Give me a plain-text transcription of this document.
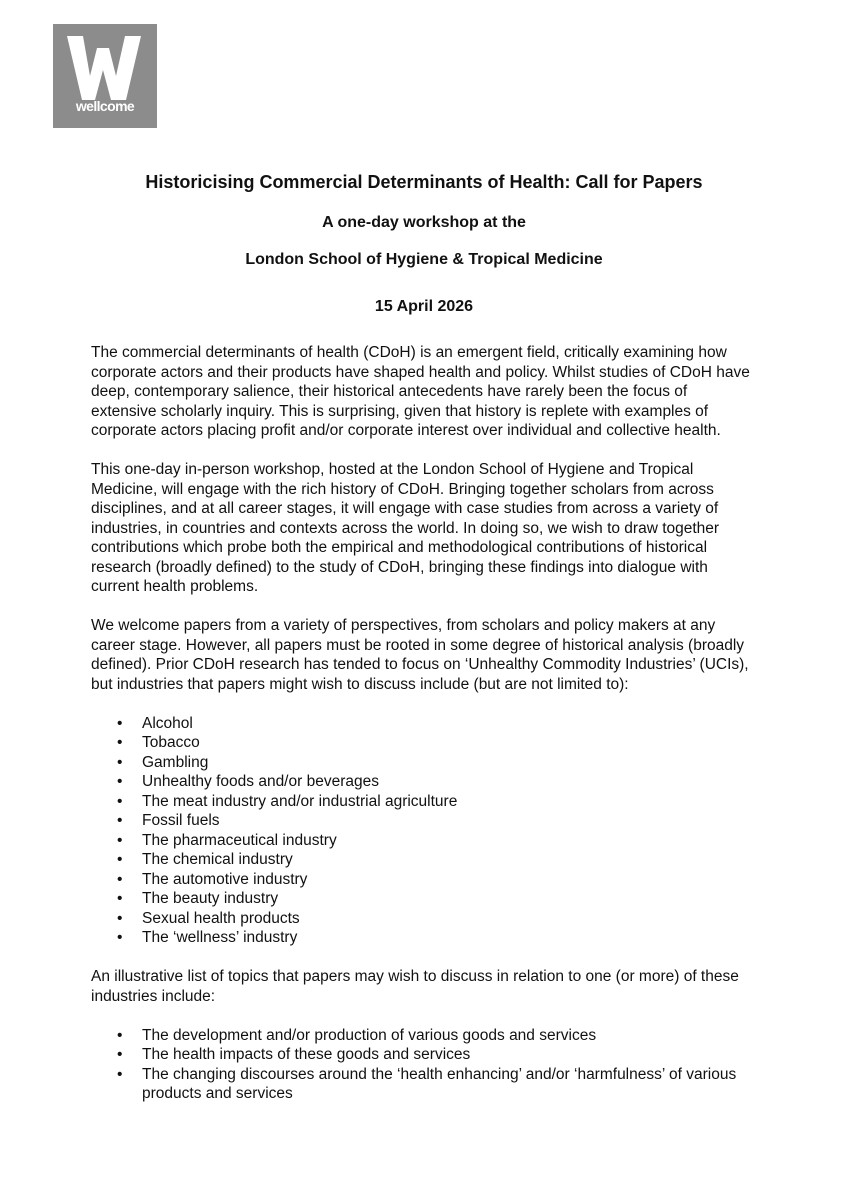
wellcome
Historicising Commercial Determinants of Health: Call for Papers
A one-day workshop at the
London School of Hygiene & Tropical Medicine
15 April 2026

The commercial determinants of health (CDoH) is an emergent field, critically examining how corporate actors and their products have shaped health and policy. Whilst studies of CDoH have deep, contemporary salience, their historical antecedents have rarely been the focus of extensive scholarly inquiry. This is surprising, given that history is replete with examples of corporate actors placing profit and/or corporate interest over individual and collective health.

This one-day in-person workshop, hosted at the London School of Hygiene and Tropical Medicine, will engage with the rich history of CDoH. Bringing together scholars from across disciplines, and at all career stages, it will engage with case studies from across a variety of industries, in countries and contexts across the world. In doing so, we wish to draw together contributions which probe both the empirical and methodological contributions of historical research (broadly defined) to the study of CDoH, bringing these findings into dialogue with current health problems.

We welcome papers from a variety of perspectives, from scholars and policy makers at any career stage. However, all papers must be rooted in some degree of historical analysis (broadly defined). Prior CDoH research has tended to focus on ‘Unhealthy Commodity Industries’ (UCIs), but industries that papers might wish to discuss include (but are not limited to):

• Alcohol
• Tobacco
• Gambling
• Unhealthy foods and/or beverages
• The meat industry and/or industrial agriculture
• Fossil fuels
• The pharmaceutical industry
• The chemical industry
• The automotive industry
• The beauty industry
• Sexual health products
• The ‘wellness’ industry

An illustrative list of topics that papers may wish to discuss in relation to one (or more) of these industries include:

• The development and/or production of various goods and services
• The health impacts of these goods and services
• The changing discourses around the ‘health enhancing’ and/or ‘harmfulness’ of various products and services
